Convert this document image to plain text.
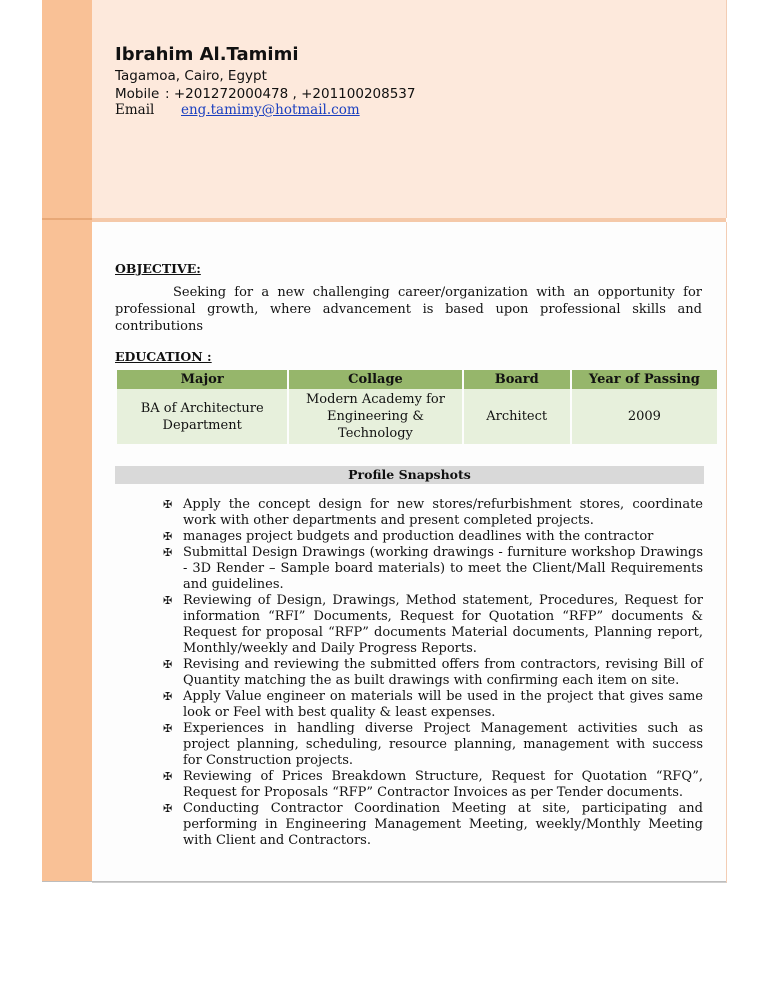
Ibrahim Al.Tamimi

Tagamoa, Cairo, Egypt

Mobile : +201272000478 , +201100208537

Email eng.tamimy@hotmail.com

OBJECTIVE:

Seeking for a new challenging career/organization with an opportunity for professional growth, where advancement is based upon professional skills and contributions

EDUCATION :

Major	Collage	Board	Year of Passing
BA of Architecture Department	Modern Academy for Engineering & Technology	Architect	2009
Profile Snapshots
✠ Apply the concept design for new stores/refurbishment stores, coordinate work with other departments and present completed projects.
✠ manages project budgets and production deadlines with the contractor
✠ Submittal Design Drawings (working drawings - furniture workshop Drawings - 3D Render – Sample board materials) to meet the Client/Mall Requirements and guidelines.
✠ Reviewing of Design, Drawings, Method statement, Procedures, Request for information “RFI” Documents, Request for Quotation “RFP” documents & Request for proposal “RFP” documents Material documents, Planning report, Monthly/weekly and Daily Progress Reports.
✠ Revising and reviewing the submitted offers from contractors, revising Bill of Quantity matching the as built drawings with confirming each item on site.
✠ Apply Value engineer on materials will be used in the project that gives same look or Feel with best quality & least expenses.
✠ Experiences in handling diverse Project Management activities such as project planning, scheduling, resource planning, management with success for Construction projects.
✠ Reviewing of Prices Breakdown Structure, Request for Quotation “RFQ”, Request for Proposals “RFP” Contractor Invoices as per Tender documents.
✠ Conducting Contractor Coordination Meeting at site, participating and performing in Engineering Management Meeting, weekly/Monthly Meeting with Client and Contractors.
